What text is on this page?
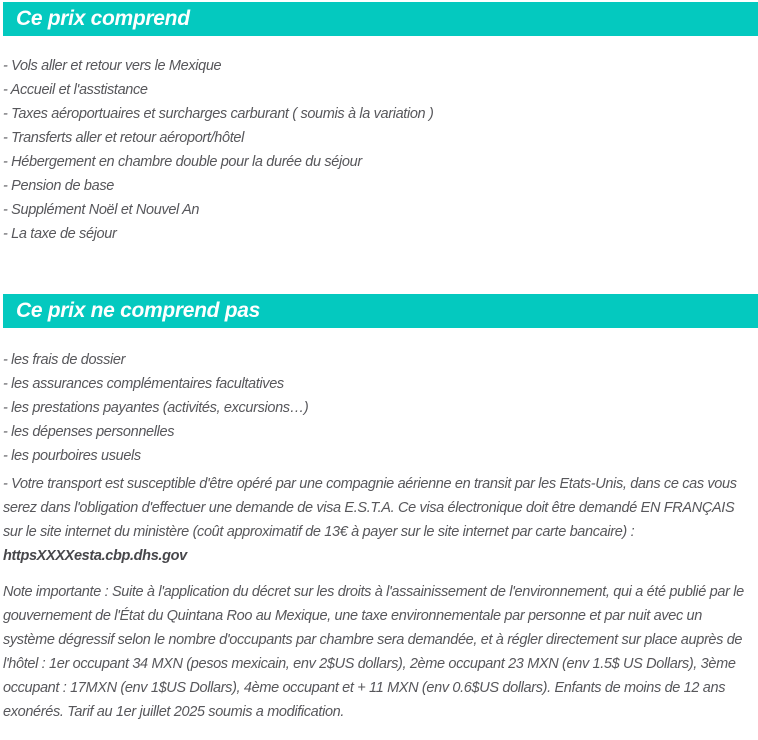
Ce prix comprend
- Vols aller et retour vers le Mexique
- Accueil et l'asstistance
- Taxes aéroportuaires et surcharges carburant ( soumis à la variation )
- Transferts aller et retour aéroport/hôtel
- Hébergement en chambre double pour la durée du séjour
- Pension de base
- Supplément Noël et Nouvel An
- La taxe de séjour
Ce prix ne comprend pas
- les frais de dossier
- les assurances complémentaires facultatives
- les prestations payantes (activités, excursions…)
- les dépenses personnelles
- les pourboires usuels
- Votre transport est susceptible d'être opéré par une compagnie aérienne en transit par les Etats-Unis, dans ce cas vous serez dans l'obligation d'effectuer une demande de visa E.S.T.A. Ce visa électronique doit être demandé EN FRANÇAIS sur le site internet du ministère (coût approximatif de 13€ à payer sur le site internet par carte bancaire) :
httpsXXXXesta.cbp.dhs.gov
Note importante : Suite à l'application du décret sur les droits à l'assainissement de l'environnement, qui a été publié par le gouvernement de l'État du Quintana Roo au Mexique, une taxe environnementale par personne et par nuit avec un système dégressif selon le nombre d'occupants par chambre sera demandée, et à régler directement sur place auprès de l'hôtel : 1er occupant 34 MXN (pesos mexicain, env 2$US dollars), 2ème occupant 23 MXN (env 1.5$ US Dollars), 3ème occupant : 17MXN (env 1$US Dollars), 4ème occupant et + 11 MXN (env 0.6$US dollars). Enfants de moins de 12 ans exonérés. Tarif au 1er juillet 2025 soumis a modification.
